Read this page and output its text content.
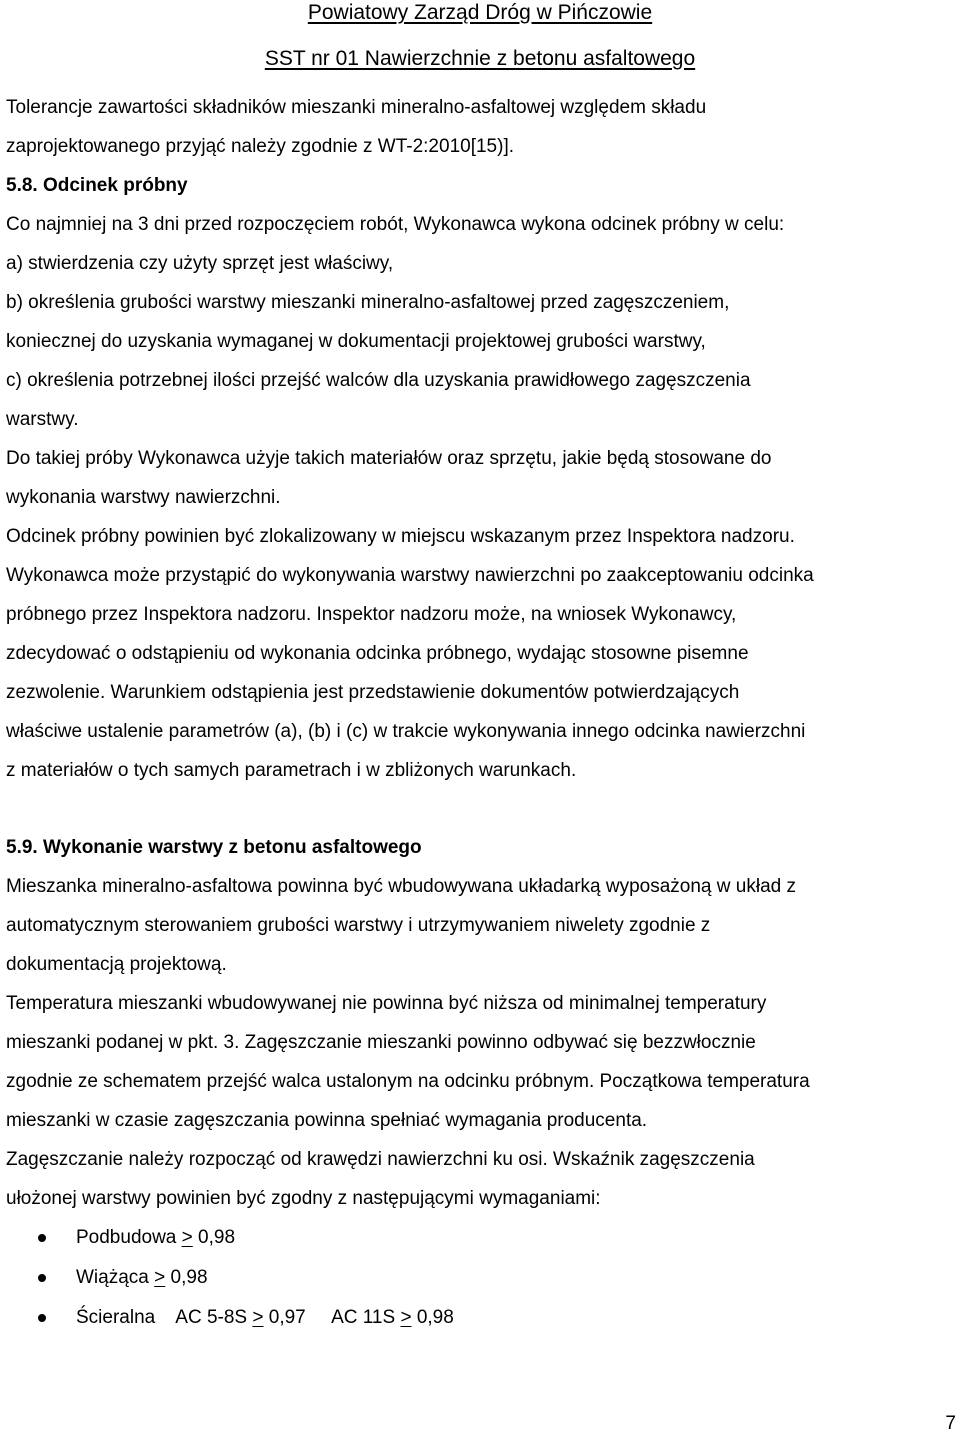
Powiatowy Zarząd Dróg w Pińczowie
SST nr 01 Nawierzchnie z betonu asfaltowego

Tolerancje zawartości składników mieszanki mineralno-asfaltowej względem składu

zaprojektowanego przyjąć należy zgodnie z WT-2:2010[15)].

5.8. Odcinek próbny

Co najmniej na 3 dni przed rozpoczęciem robót, Wykonawca wykona odcinek próbny w celu:

a) stwierdzenia czy użyty sprzęt jest właściwy,

b) określenia grubości warstwy mieszanki mineralno-asfaltowej przed zagęszczeniem,

koniecznej do uzyskania wymaganej w dokumentacji projektowej grubości warstwy,

c) określenia potrzebnej ilości przejść walców dla uzyskania prawidłowego zagęszczenia

warstwy.

Do takiej próby Wykonawca użyje takich materiałów oraz sprzętu, jakie będą stosowane do

wykonania warstwy nawierzchni.

Odcinek próbny powinien być zlokalizowany w miejscu wskazanym przez Inspektora nadzoru.

Wykonawca może przystąpić do wykonywania warstwy nawierzchni po zaakceptowaniu odcinka

próbnego przez Inspektora nadzoru. Inspektor nadzoru może, na wniosek Wykonawcy,

zdecydować o odstąpieniu od wykonania odcinka próbnego, wydając stosowne pisemne

zezwolenie. Warunkiem odstąpienia jest przedstawienie dokumentów potwierdzających

właściwe ustalenie parametrów (a), (b) i (c) w trakcie wykonywania innego odcinka nawierzchni

z materiałów o tych samych parametrach i w zbliżonych warunkach.

5.9. Wykonanie warstwy z betonu asfaltowego

Mieszanka mineralno-asfaltowa powinna być wbudowywana układarką wyposażoną w układ z

automatycznym sterowaniem grubości warstwy i utrzymywaniem niwelety zgodnie z

dokumentacją projektową.

Temperatura mieszanki wbudowywanej nie powinna być niższa od minimalnej temperatury

mieszanki podanej w pkt. 3. Zagęszczanie mieszanki powinno odbywać się bezzwłocznie

zgodnie ze schematem przejść walca ustalonym na odcinku próbnym. Początkowa temperatura

mieszanki w czasie zagęszczania powinna spełniać wymagania producenta.

Zagęszczanie należy rozpocząć od krawędzi nawierzchni ku osi. Wskaźnik zagęszczenia

ułożonej warstwy powinien być zgodny z następującymi wymaganiami:

Podbudowa ≥ 0,98
Wiążąca ≥ 0,98
Ścieralna    AC 5-8S ≥ 0,97     AC 11S ≥ 0,98
7
